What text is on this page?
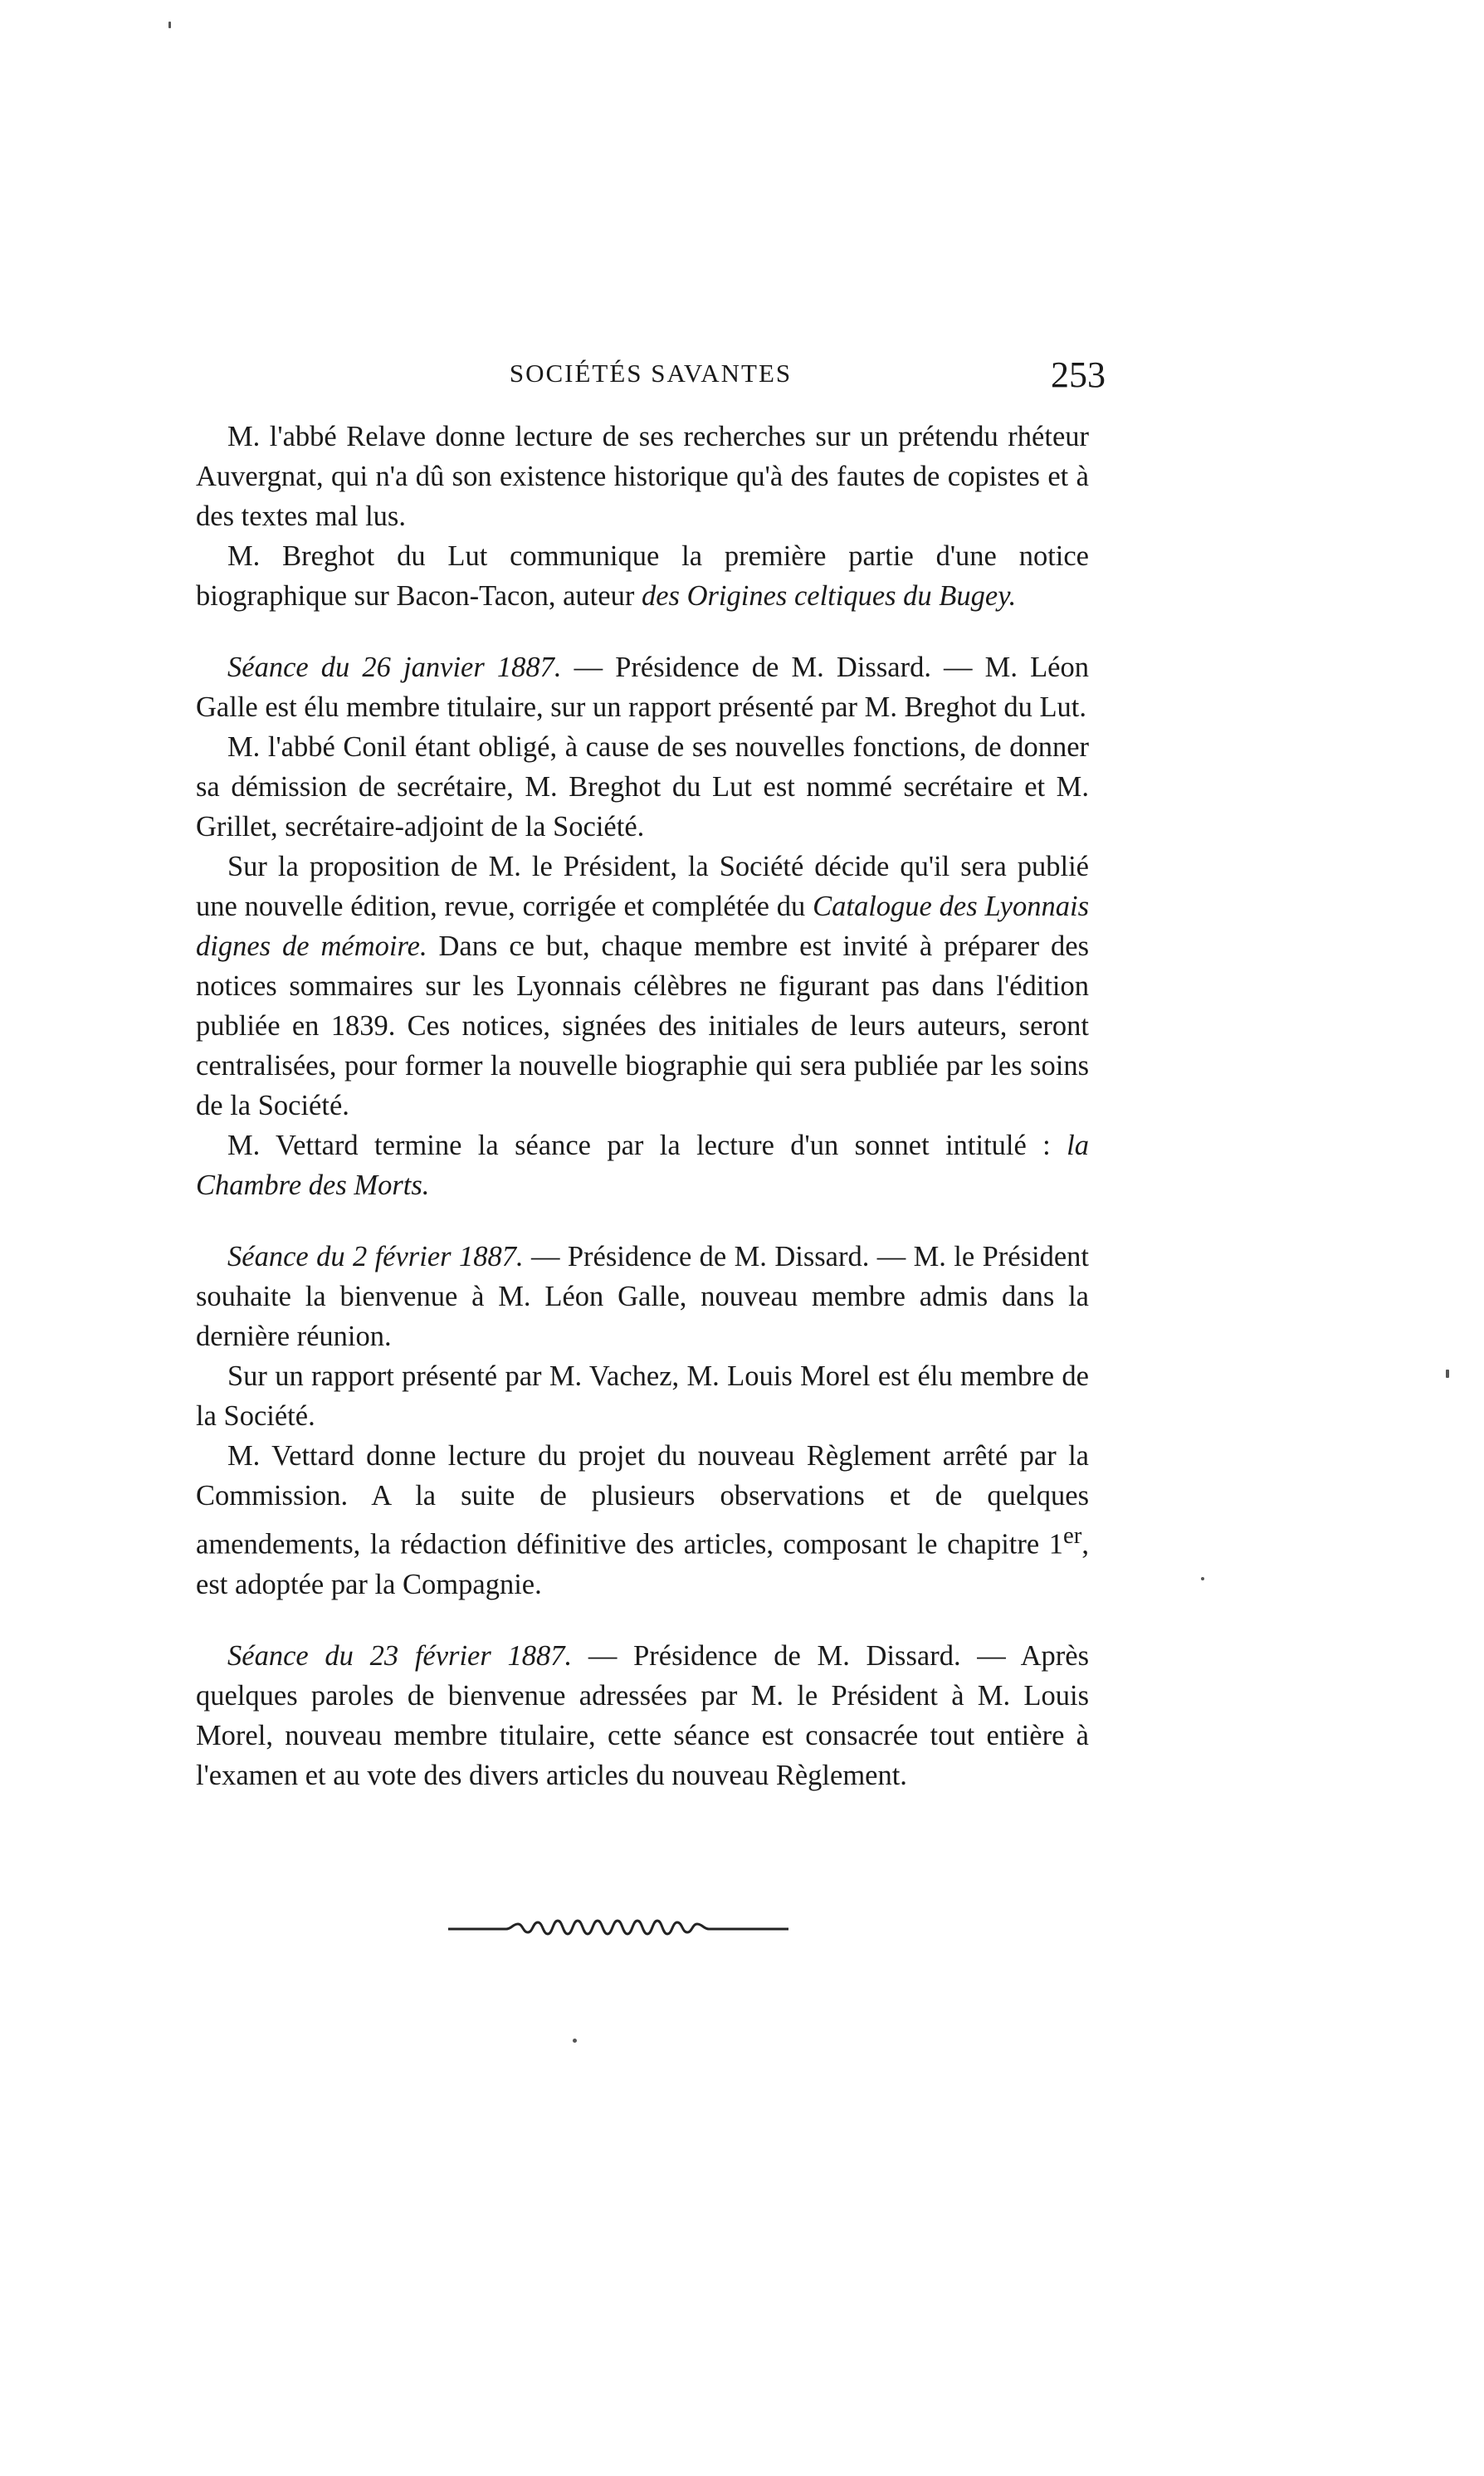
SOCIÉTÉS SAVANTES	253

M. l'abbé Relave donne lecture de ses recherches sur un prétendu rhéteur Auvergnat, qui n'a dû son existence historique qu'à des fautes de copistes et à des textes mal lus.

M. Breghot du Lut communique la première partie d'une notice biographique sur Bacon-Tacon, auteur des Origines celtiques du Bugey.

Séance du 26 janvier 1887. — Présidence de M. Dissard. — M. Léon Galle est élu membre titulaire, sur un rapport présenté par M. Breghot du Lut.

M. l'abbé Conil étant obligé, à cause de ses nouvelles fonctions, de donner sa démission de secrétaire, M. Breghot du Lut est nommé secrétaire et M. Grillet, secrétaire-adjoint de la Société.

Sur la proposition de M. le Président, la Société décide qu'il sera publié une nouvelle édition, revue, corrigée et complétée du Catalogue des Lyonnais dignes de mémoire. Dans ce but, chaque membre est invité à préparer des notices sommaires sur les Lyonnais célèbres ne figurant pas dans l'édition publiée en 1839. Ces notices, signées des initiales de leurs auteurs, seront centralisées, pour former la nouvelle biographie qui sera publiée par les soins de la Société.

M. Vettard termine la séance par la lecture d'un sonnet intitulé : la Chambre des Morts.

Séance du 2 février 1887. — Présidence de M. Dissard. — M. le Président souhaite la bienvenue à M. Léon Galle, nouveau membre admis dans la dernière réunion.

Sur un rapport présenté par M. Vachez, M. Louis Morel est élu membre de la Société.

M. Vettard donne lecture du projet du nouveau Règlement arrêté par la Commission. A la suite de plusieurs observations et de quelques amendements, la rédaction définitive des articles, composant le chapitre 1er, est adoptée par la Compagnie.

Séance du 23 février 1887. — Présidence de M. Dissard. — Après quelques paroles de bienvenue adressées par M. le Président à M. Louis Morel, nouveau membre titulaire, cette séance est consacrée tout entière à l'examen et au vote des divers articles du nouveau Règlement.
